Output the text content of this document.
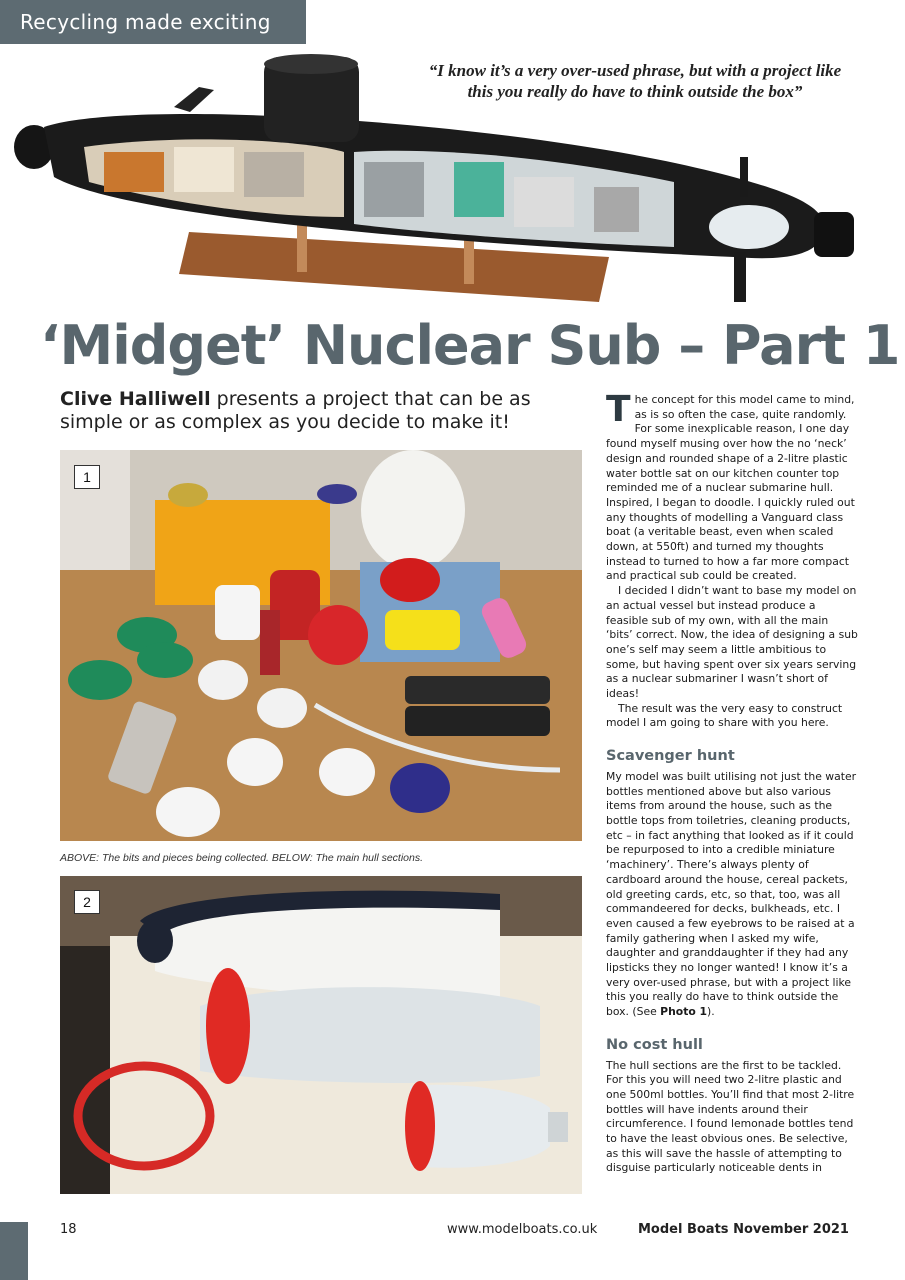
Recycling made exciting
“I know it’s a very over-used phrase, but with a project like this you really do have to think outside the box”
‘Midget’ Nuclear Sub – Part 1
Clive Halliwell presents a project that can be as simple or as complex as you decide to make it!
1
ABOVE: The bits and pieces being collected. BELOW: The main hull sections.
2

The concept for this model came to mind, as is so often the case, quite randomly. For some inexplicable reason, I one day found myself musing over how the no ‘neck’ design and rounded shape of a 2-litre plastic water bottle sat on our kitchen counter top reminded me of a nuclear submarine hull. Inspired, I began to doodle. I quickly ruled out any thoughts of modelling a Vanguard class boat (a veritable beast, even when scaled down, at 550ft) and turned my thoughts instead to turned to how a far more compact and practical sub could be created.

I decided I didn’t want to base my model on an actual vessel but instead produce a feasible sub of my own, with all the main ‘bits’ correct. Now, the idea of designing a sub one’s self may seem a little ambitious to some, but having spent over six years serving as a nuclear submariner I wasn’t short of ideas!

The result was the very easy to construct model I am going to share with you here.

Scavenger hunt

My model was built utilising not just the water bottles mentioned above but also various items from around the house, such as the bottle tops from toiletries, cleaning products, etc – in fact anything that looked as if it could be repurposed to into a credible miniature ‘machinery’. There’s always plenty of cardboard around the house, cereal packets, old greeting cards, etc, so that, too, was all commandeered for decks, bulkheads, etc. I even caused a few eyebrows to be raised at a family gathering when I asked my wife, daughter and granddaughter if they had any lipsticks they no longer wanted! I know it’s a very over-used phrase, but with a project like this you really do have to think outside the box. (See Photo 1).

No cost hull

The hull sections are the first to be tackled. For this you will need two 2-litre plastic and one 500ml bottles. You’ll find that most 2-litre bottles will have indents around their circumference. I found lemonade bottles tend to have the least obvious ones. Be selective, as this will save the hassle of attempting to disguise particularly noticeable dents in

18	www.modelboats.co.uk	Model Boats November 2021
